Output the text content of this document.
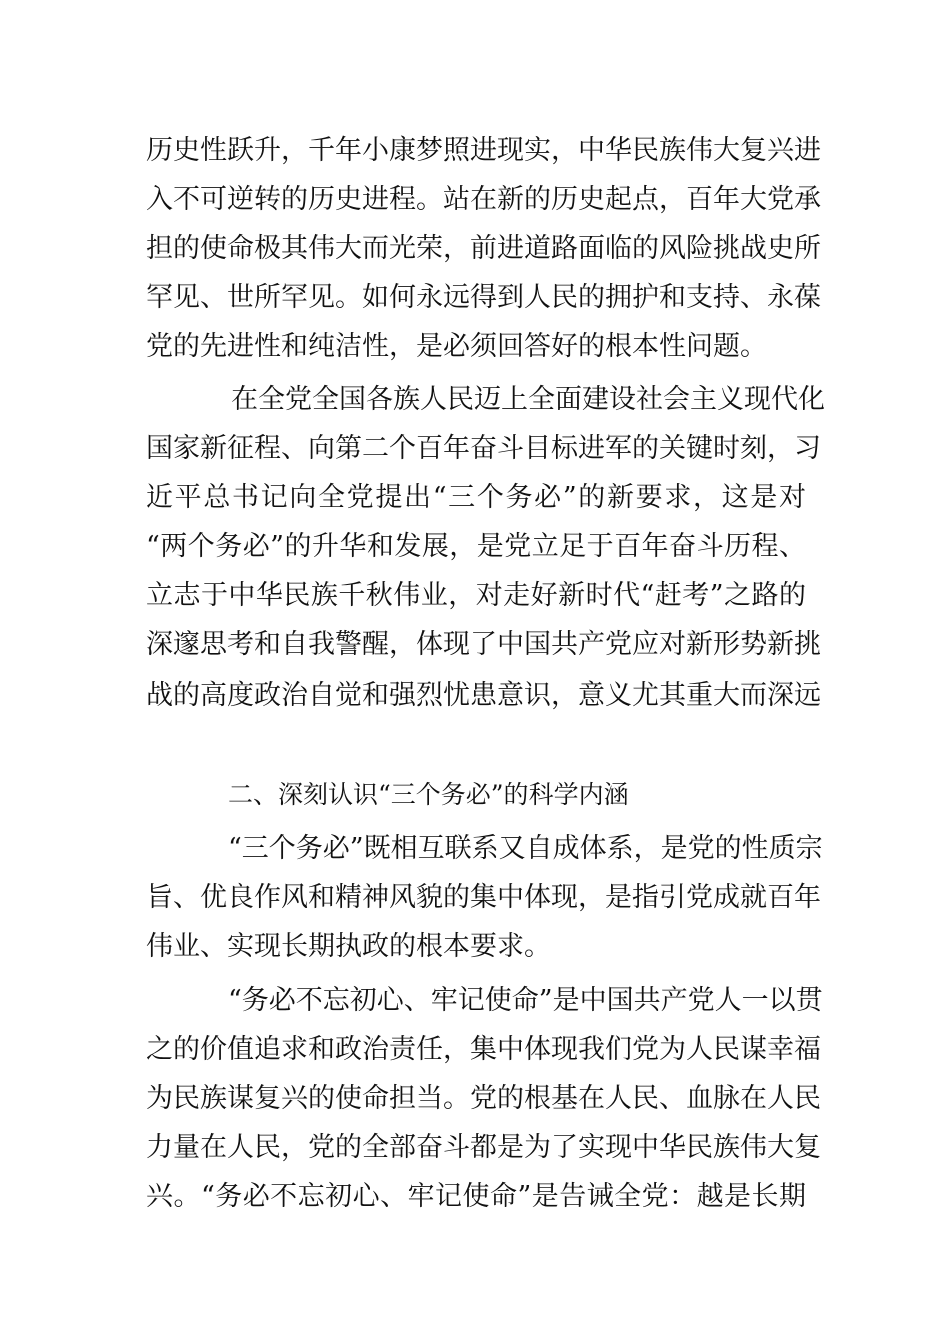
历史性跃升，千年小康梦照进现实，中华民族伟大复兴进
入不可逆转的历史进程。站在新的历史起点，百年大党承
担的使命极其伟大而光荣，前进道路面临的风险挑战史所
罕见、世所罕见。如何永远得到人民的拥护和支持、永葆
党的先进性和纯洁性，是必须回答好的根本性问题。
在全党全国各族人民迈上全面建设社会主义现代化
国家新征程、向第二个百年奋斗目标进军的关键时刻，习
近平总书记向全党提出“三个务必”的新要求，这是对
“两个务必”的升华和发展，是党立足于百年奋斗历程、
立志于中华民族千秋伟业，对走好新时代“赶考”之路的
深邃思考和自我警醒，体现了中国共产党应对新形势新挑
战的高度政治自觉和强烈忧患意识，意义尤其重大而深远
二、深刻认识“三个务必”的科学内涵
“三个务必”既相互联系又自成体系，是党的性质宗
旨、优良作风和精神风貌的集中体现，是指引党成就百年
伟业、实现长期执政的根本要求。
“务必不忘初心、牢记使命”是中国共产党人一以贯
之的价值追求和政治责任，集中体现我们党为人民谋幸福
为民族谋复兴的使命担当。党的根基在人民、血脉在人民
力量在人民，党的全部奋斗都是为了实现中华民族伟大复
兴。“务必不忘初心、牢记使命”是告诫全党：越是长期
